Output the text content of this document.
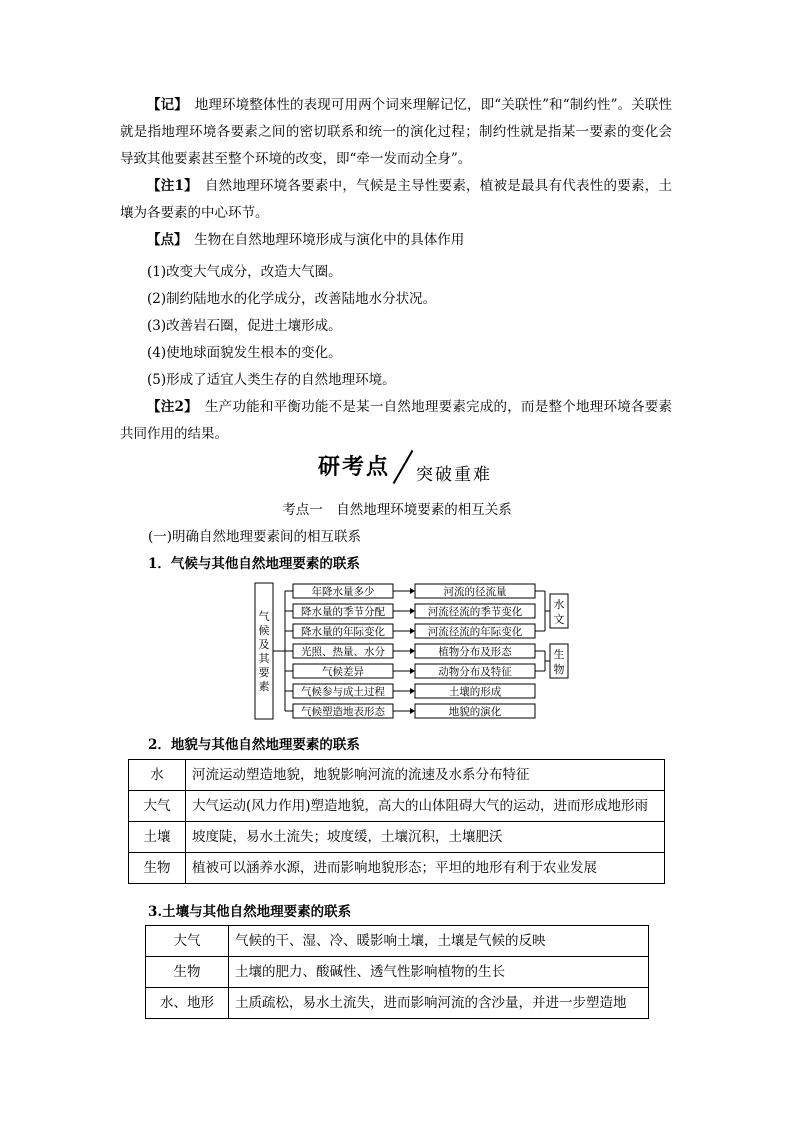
【记】　 地理环境整体性的表现可用两个词来理解记忆，即“关联性”和“制约性”。关联性就是指地理环境各要素之间的密切联系和统一的演化过程；制约性就是指某一要素的变化会导致其他要素甚至整个环境的改变，即“牵一发而动全身”。
【注1】　 自然地理环境各要素中，气候是主导性要素，植被是最具有代表性的要素，土壤为各要素的中心环节。
【点】　 生物在自然地理环境形成与演化中的具体作用
(1)改变大气成分，改造大气圈。
(2)制约陆地水的化学成分，改善陆地水分状况。
(3)改善岩石圈，促进土壤形成。
(4)使地球面貌发生根本的变化。
(5)形成了适宜人类生存的自然地理环境。
【注2】　 生产功能和平衡功能不是某一自然地理要素完成的，而是整个地理环境各要素共同作用的结果。
研考点 突破重难
考点一　自然地理环境要素的相互关系
(一)明确自然地理要素间的相互联系
1．气候与其他自然地理要素的联系
气
候
及
其
要
素
年降水量多少	河流的径流量
降水量的季节分配	河流径流的季节变化
降水量的年际变化	河流径流的年际变化
光照、热量、水分	植物分布及形态
气候差异	动物分布及特征
气候参与成土过程	土壤的形成
气候塑造地表形态	地貌的演化
水
文
生
物
2．地貌与其他自然地理要素的联系
水	河流运动塑造地貌，地貌影响河流的流速及水系分布特征
大气	大气运动(风力作用)塑造地貌，高大的山体阻碍大气的运动，进而形成地形雨
土壤	坡度陡，易水土流失；坡度缓，土壤沉积，土壤肥沃
生物	植被可以涵养水源，进而影响地貌形态；平坦的地形有利于农业发展
3.土壤与其他自然地理要素的联系
大气	气候的干、湿、冷、暖影响土壤，土壤是气候的反映
生物	土壤的肥力、酸碱性、透气性影响植物的生长
水、地形	土质疏松，易水土流失，进而影响河流的含沙量，并进一步塑造地
